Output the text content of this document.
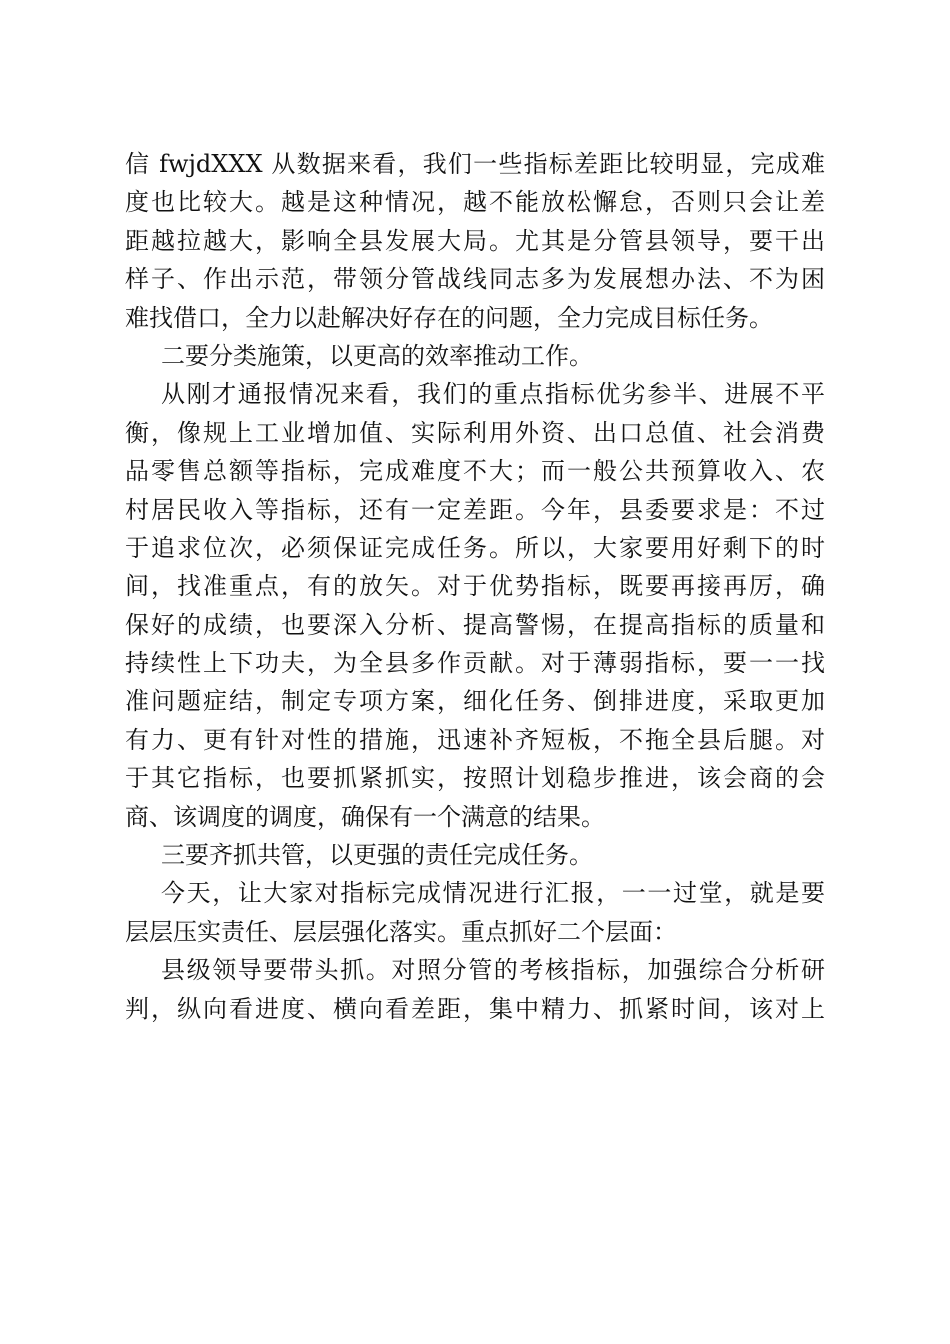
信 fwjdXXX 从数据来看，我们一些指标差距比较明显，完成难
度也比较大。越是这种情况，越不能放松懈怠，否则只会让差
距越拉越大，影响全县发展大局。尤其是分管县领导，要干出
样子、作出示范，带领分管战线同志多为发展想办法、不为困
难找借口，全力以赴解决好存在的问题，全力完成目标任务。
二要分类施策，以更高的效率推动工作。
从刚才通报情况来看，我们的重点指标优劣参半、进展不平
衡，像规上工业增加值、实际利用外资、出口总值、社会消费
品零售总额等指标，完成难度不大；而一般公共预算收入、农
村居民收入等指标，还有一定差距。今年，县委要求是：不过
于追求位次，必须保证完成任务。所以，大家要用好剩下的时
间，找准重点，有的放矢。对于优势指标，既要再接再厉，确
保好的成绩，也要深入分析、提高警惕，在提高指标的质量和
持续性上下功夫，为全县多作贡献。对于薄弱指标，要一一找
准问题症结，制定专项方案，细化任务、倒排进度，采取更加
有力、更有针对性的措施，迅速补齐短板，不拖全县后腿。对
于其它指标，也要抓紧抓实，按照计划稳步推进，该会商的会
商、该调度的调度，确保有一个满意的结果。
三要齐抓共管，以更强的责任完成任务。
今天，让大家对指标完成情况进行汇报，一一过堂，就是要
层层压实责任、层层强化落实。重点抓好二个层面：
县级领导要带头抓。对照分管的考核指标，加强综合分析研
判，纵向看进度、横向看差距，集中精力、抓紧时间，该对上
